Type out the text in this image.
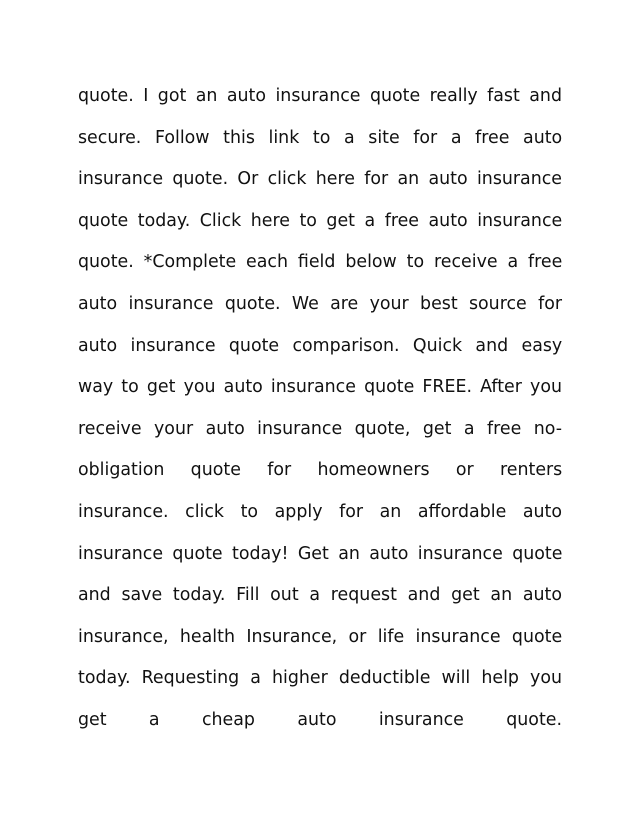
quote. I got an auto insurance quote really fast and
secure. Follow this link to a site for a free auto
insurance quote. Or click here for an auto insurance
quote today. Click here to get a free auto insurance
quote. *Complete each field below to receive a free
auto insurance quote. We are your best source for
auto insurance quote comparison. Quick and easy
way to get you auto insurance quote FREE. After you
receive your auto insurance quote, get a free no-
obligation quote for homeowners or renters
insurance. click to apply for an affordable auto
insurance quote today! Get an auto insurance quote
and save today. Fill out a request and get an auto
insurance, health Insurance, or life insurance quote
today. Requesting a higher deductible will help you
get a cheap auto insurance quote.
